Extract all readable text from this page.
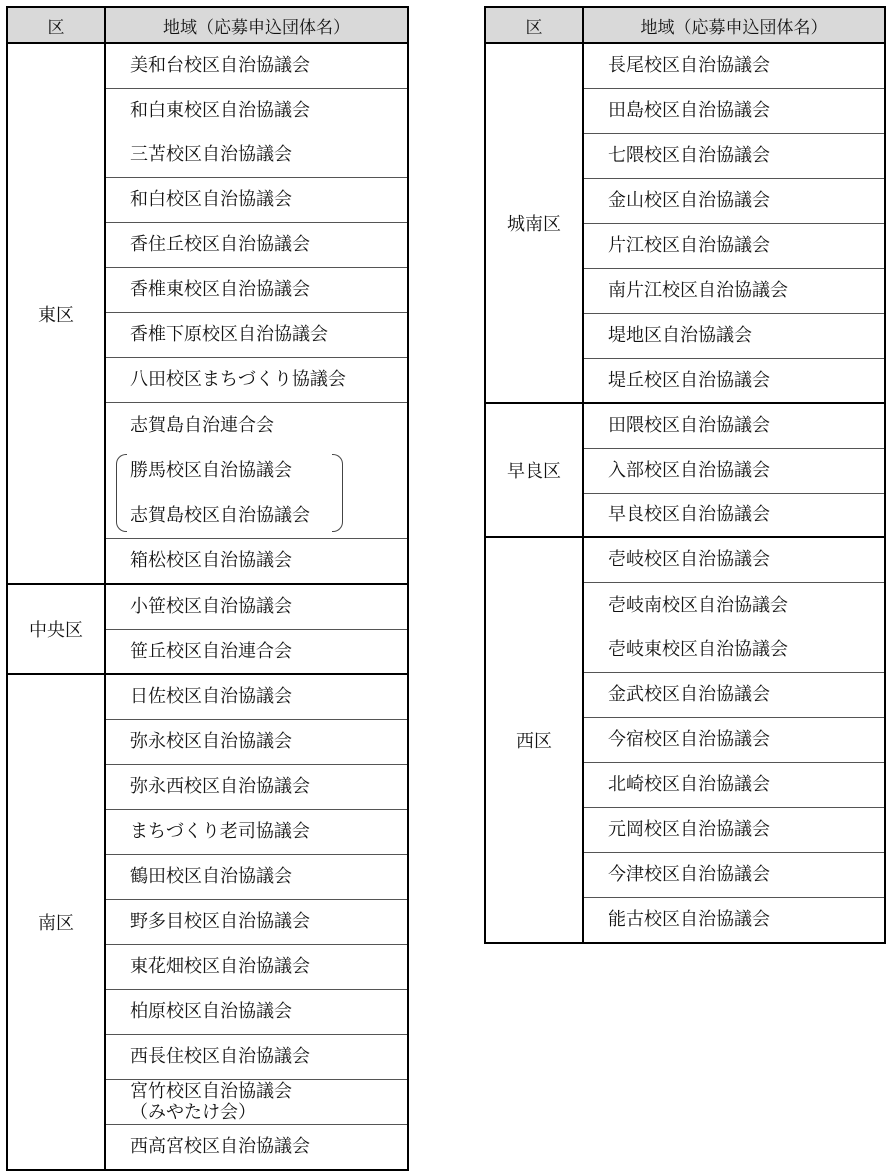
区	地域（応募申込団体名）
東区
美和台校区自治協議会
和白東校区自治協議会
三苫校区自治協議会
和白校区自治協議会
香住丘校区自治協議会
香椎東校区自治協議会
香椎下原校区自治協議会
八田校区まちづくり協議会
志賀島自治連合会
勝馬校区自治協議会
志賀島校区自治協議会
箱松校区自治協議会
中央区
小笹校区自治協議会
笹丘校区自治連合会
南区
日佐校区自治協議会
弥永校区自治協議会
弥永西校区自治協議会
まちづくり老司協議会
鶴田校区自治協議会
野多目校区自治協議会
東花畑校区自治協議会
柏原校区自治協議会
西長住校区自治協議会
宮竹校区自治協議会
（みやたけ会）
西高宮校区自治協議会
区	地域（応募申込団体名）
城南区
長尾校区自治協議会
田島校区自治協議会
七隈校区自治協議会
金山校区自治協議会
片江校区自治協議会
南片江校区自治協議会
堤地区自治協議会
堤丘校区自治協議会
早良区
田隈校区自治協議会
入部校区自治協議会
早良校区自治協議会
西区
壱岐校区自治協議会
壱岐南校区自治協議会
壱岐東校区自治協議会
金武校区自治協議会
今宿校区自治協議会
北崎校区自治協議会
元岡校区自治協議会
今津校区自治協議会
能古校区自治協議会
